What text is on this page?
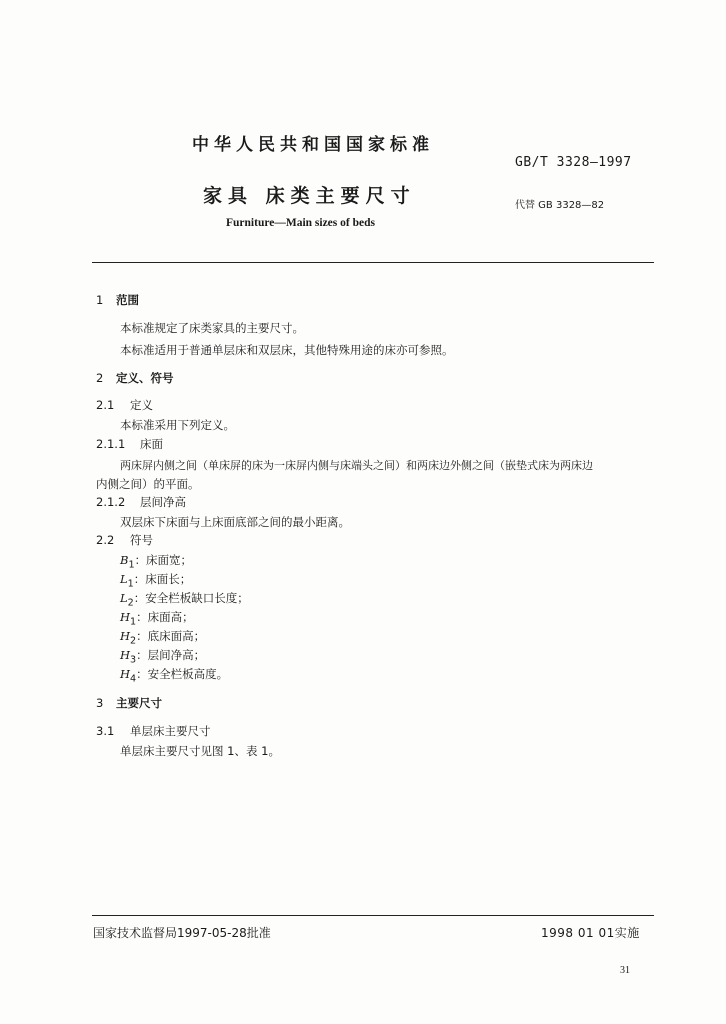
中华人民共和国国家标准
GB/T 3328—1997
家具 床类主要尺寸	代替 GB 3328—82
Furniture—Main sizes of beds
1 范围
本标准规定了床类家具的主要尺寸。
本标准适用于普通单层床和双层床，其他特殊用途的床亦可参照。
2 定义、符号
2.1 定义
本标准采用下列定义。
2.1.1 床面
两床屏内侧之间（单床屏的床为一床屏内侧与床端头之间）和两床边外侧之间（嵌垫式床为两床边
内侧之间）的平面。
2.1.2 层间净高
双层床下床面与上床面底部之间的最小距离。
2.2 符号
$B_1$：床面宽；
$L_1$：床面长；
$L_2$：安全栏板缺口长度；
$H_1$：床面高；
$H_2$：底床面高；
$H_3$：层间净高；
$H_4$：安全栏板高度。
3 主要尺寸
3.1 单层床主要尺寸
单层床主要尺寸见图 1、表 1。
国家技术监督局1997-05-28批准	1998 01 01实施
31
